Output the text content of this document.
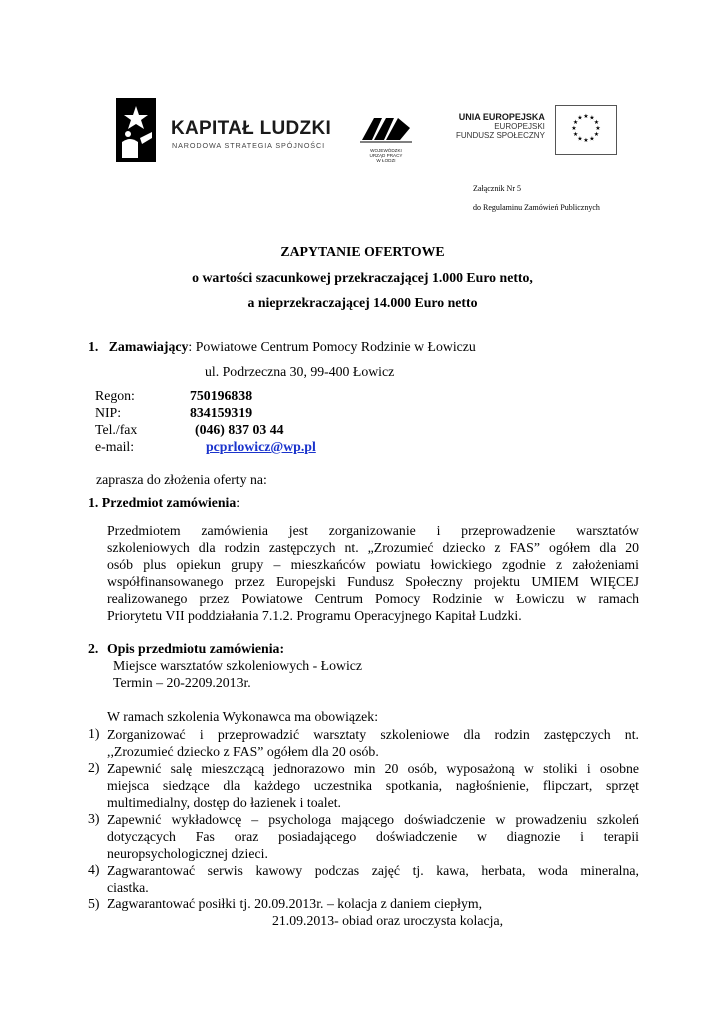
KAPITAŁ LUDZKI
NARODOWA STRATEGIA SPÓJNOŚCI
WOJEWÓDZKI
URZĄD PRACY
W ŁODZI
UNIA EUROPEJSKA
EUROPEJSKI
FUNDUSZ SPOŁECZNY
★ ★
★
★
★
★
★
★
★
★
★
★
Załącznik Nr 5
do Regulaminu Zamówień Publicznych
ZAPYTANIE OFERTOWE
o wartości szacunkowej przekraczającej 1.000 Euro netto,
a nieprzekraczającej 14.000 Euro netto
1. Zamawiający: Powiatowe Centrum Pomocy Rodzinie w Łowiczu
ul. Podrzeczna 30, 99-400 Łowicz
Regon:	750196838
NIP:	834159319
Tel./fax	(046) 837 03 44
e-mail:	pcprlowicz@wp.pl
zaprasza do złożenia oferty na:
1. Przedmiot zamówienia:
Przedmiotem zamówienia jest zorganizowanie i przeprowadzenie warsztatów
szkoleniowych dla rodzin zastępczych nt. „Zrozumieć dziecko z FAS” ogółem dla 20
osób plus opiekun grupy – mieszkańców powiatu łowickiego zgodnie z założeniami
współfinansowanego przez Europejski Fundusz Społeczny projektu UMIEM WIĘCEJ
realizowanego przez Powiatowe Centrum Pomocy Rodzinie w Łowiczu w ramach
Priorytetu VII poddziałania 7.1.2. Programu Operacyjnego Kapitał Ludzki.
2. Opis przedmiotu zamówienia:
Miejsce warsztatów szkoleniowych - Łowicz
Termin – 20-2209.2013r.
W ramach szkolenia Wykonawca ma obowiązek:
1) Zorganizować i przeprowadzić warsztaty szkoleniowe dla rodzin zastępczych nt.
,,Zrozumieć dziecko z FAS” ogółem dla 20 osób.
2) Zapewnić salę mieszczącą jednorazowo min 20 osób, wyposażoną w stoliki i osobne
miejsca siedzące dla każdego uczestnika spotkania, nagłośnienie, flipczart, sprzęt
multimedialny, dostęp do łazienek i toalet.
3) Zapewnić wykładowcę – psychologa mającego doświadczenie w prowadzeniu szkoleń
dotyczących Fas oraz posiadającego doświadczenie w diagnozie i terapii
neuropsychologicznej dzieci.
4) Zagwarantować serwis kawowy podczas zajęć tj. kawa, herbata, woda mineralna,
ciastka.
5) Zagwarantować posiłki tj. 20.09.2013r. – kolacja z daniem ciepłym,
21.09.2013- obiad oraz uroczysta kolacja,
